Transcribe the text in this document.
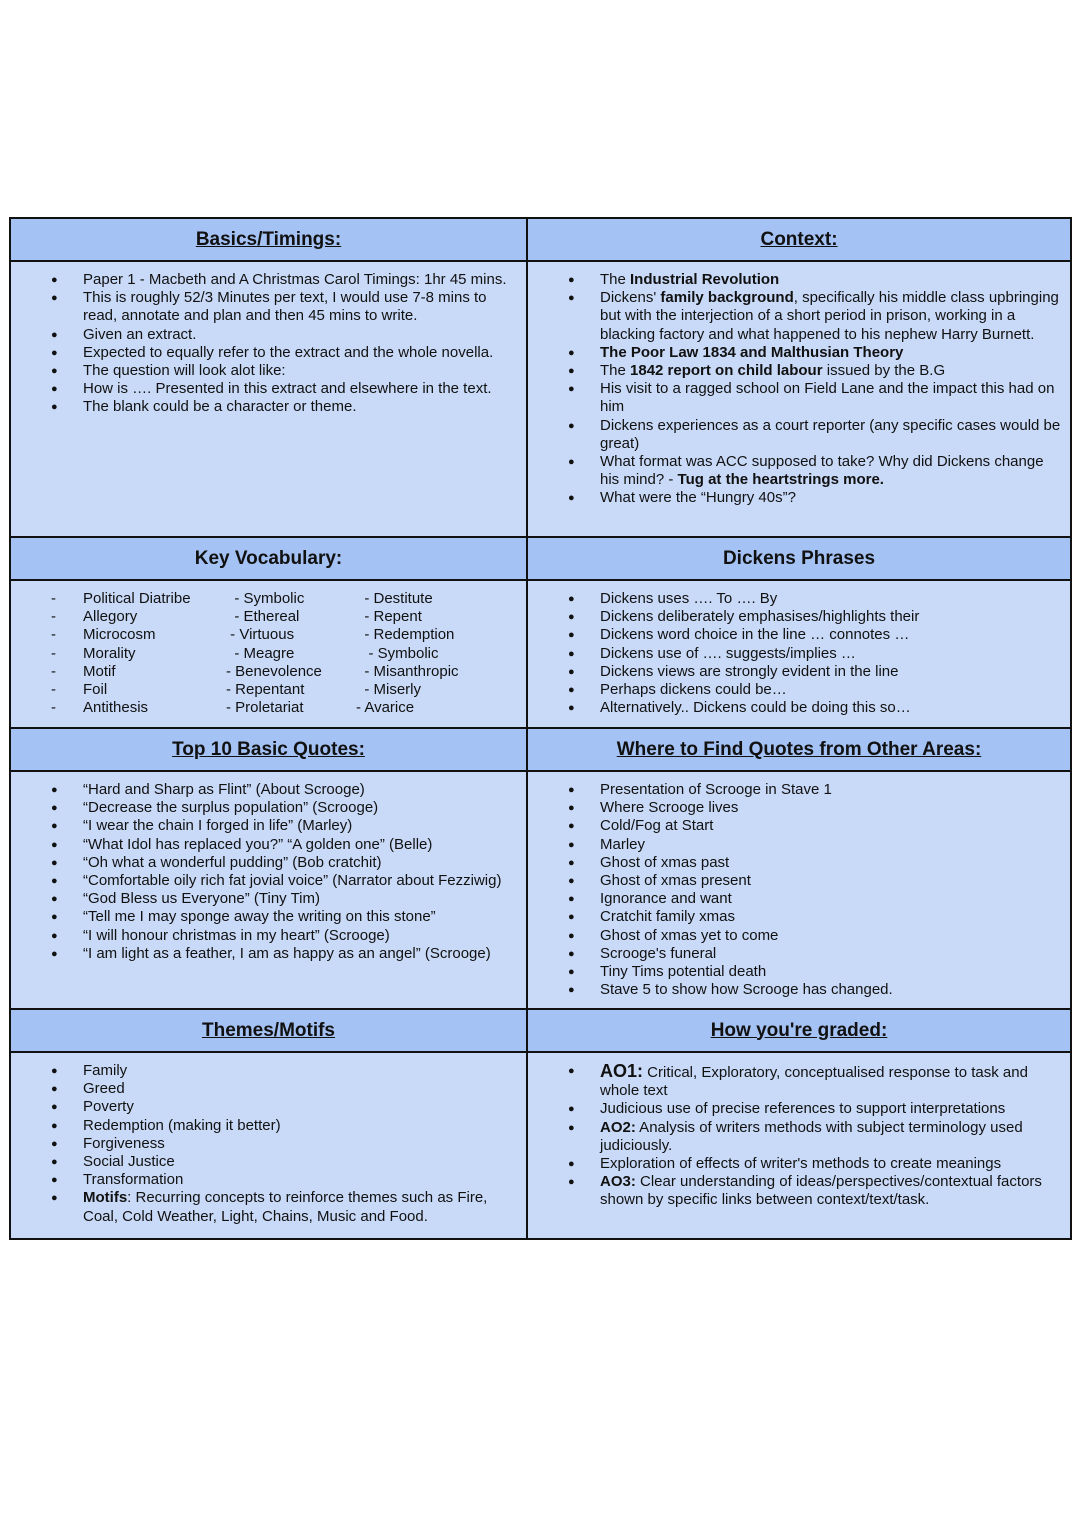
Basics/Timings:	Context:
● Paper 1 - Macbeth and A Christmas Carol Timings: 1hr 45 mins.
● This is roughly 52/3 Minutes per text, I would use 7-8 mins to read, annotate and plan and then 45 mins to write.
● Given an extract.
● Expected to equally refer to the extract and the whole novella.
● The question will look alot like:
● How is …. Presented in this extract and elsewhere in the text.
● The blank could be a character or theme.
● The Industrial Revolution
● Dickens' family background, specifically his middle class upbringing but with the interjection of a short period in prison, working in a blacking factory and what happened to his nephew Harry Burnett.
● The Poor Law 1834 and Malthusian Theory
● The 1842 report on child labour issued by the B.G
● His visit to a ragged school on Field Lane and the impact this had on him
● Dickens experiences as a court reporter (any specific cases would be great)
● What format was ACC supposed to take? Why did Dickens change his mind? - Tug at the heartstrings more.
● What were the “Hungry 40s”?
Key Vocabulary:	Dickens Phrases
- Political Diatribe	- Symbolic	- Destitute
- Allegory	- Ethereal	- Repent
- Microcosm	- Virtuous	- Redemption
- Morality	- Meagre	- Symbolic
- Motif	- Benevolence	- Misanthropic
- Foil	- Repentant	- Miserly
- Antithesis	- Proletariat	- Avarice
● Dickens uses …. To …. By
● Dickens deliberately emphasises/highlights their
● Dickens word choice in the line … connotes …
● Dickens use of …. suggests/implies …
● Dickens views are strongly evident in the line
● Perhaps dickens could be…
● Alternatively.. Dickens could be doing this so…
Top 10 Basic Quotes:	Where to Find Quotes from Other Areas:
● “Hard and Sharp as Flint” (About Scrooge)
● “Decrease the surplus population” (Scrooge)
● “I wear the chain I forged in life” (Marley)
● “What Idol has replaced you?” “A golden one” (Belle)
● “Oh what a wonderful pudding” (Bob cratchit)
● “Comfortable oily rich fat jovial voice” (Narrator about Fezziwig)
● “God Bless us Everyone” (Tiny Tim)
● “Tell me I may sponge away the writing on this stone”
● “I will honour christmas in my heart” (Scrooge)
● “I am light as a feather, I am as happy as an angel” (Scrooge)
● Presentation of Scrooge in Stave 1
● Where Scrooge lives
● Cold/Fog at Start
● Marley
● Ghost of xmas past
● Ghost of xmas present
● Ignorance and want
● Cratchit family xmas
● Ghost of xmas yet to come
● Scrooge's funeral
● Tiny Tims potential death
● Stave 5 to show how Scrooge has changed.
Themes/Motifs	How you're graded:
● Family
● Greed
● Poverty
● Redemption (making it better)
● Forgiveness
● Social Justice
● Transformation
● Motifs: Recurring concepts to reinforce themes such as Fire, Coal, Cold Weather, Light, Chains, Music and Food.
● AO1: Critical, Exploratory, conceptualised response to task and whole text
● Judicious use of precise references to support interpretations
● AO2: Analysis of writers methods with subject terminology used judiciously.
● Exploration of effects of writer's methods to create meanings
● AO3: Clear understanding of ideas/perspectives/contextual factors shown by specific links between context/text/task.
